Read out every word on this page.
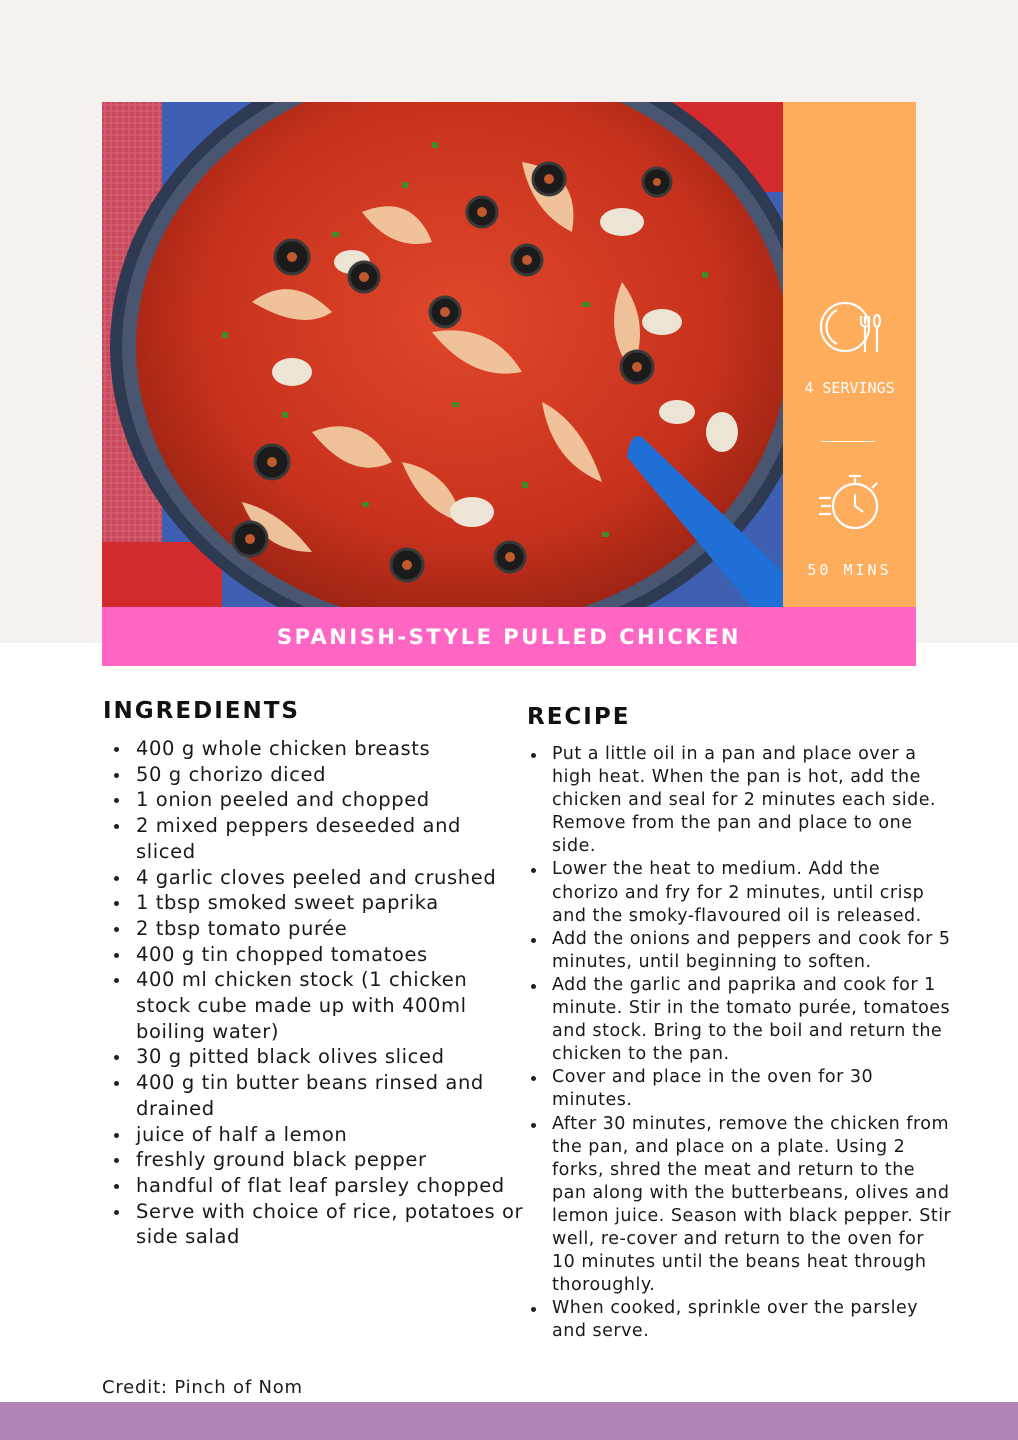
4 SERVINGS
50 MINS
SPANISH-STYLE PULLED CHICKEN
INGREDIENTS
400 g whole chicken breasts
50 g chorizo diced
1 onion peeled and chopped
2 mixed peppers deseeded and sliced
4 garlic cloves peeled and crushed
1 tbsp smoked sweet paprika
2 tbsp tomato purée
400 g tin chopped tomatoes
400 ml chicken stock (1 chicken stock cube made up with 400ml boiling water)
30 g pitted black olives sliced
400 g tin butter beans rinsed and drained
juice of half a lemon
freshly ground black pepper
handful of flat leaf parsley chopped
Serve with choice of rice, potatoes or side salad
RECIPE
Put a little oil in a pan and place over a high heat. When the pan is hot, add the chicken and seal for 2 minutes each side. Remove from the pan and place to one side.
Lower the heat to medium. Add the chorizo and fry for 2 minutes, until crisp and the smoky-flavoured oil is released.
Add the onions and peppers and cook for 5 minutes, until beginning to soften.
Add the garlic and paprika and cook for 1 minute. Stir in the tomato purée, tomatoes and stock. Bring to the boil and return the chicken to the pan.
Cover and place in the oven for 30 minutes.
After 30 minutes, remove the chicken from the pan, and place on a plate. Using 2 forks, shred the meat and return to the pan along with the butterbeans, olives and lemon juice. Season with black pepper. Stir well, re-cover and return to the oven for 10 minutes until the beans heat through thoroughly.
When cooked, sprinkle over the parsley and serve.
Credit: Pinch of Nom
